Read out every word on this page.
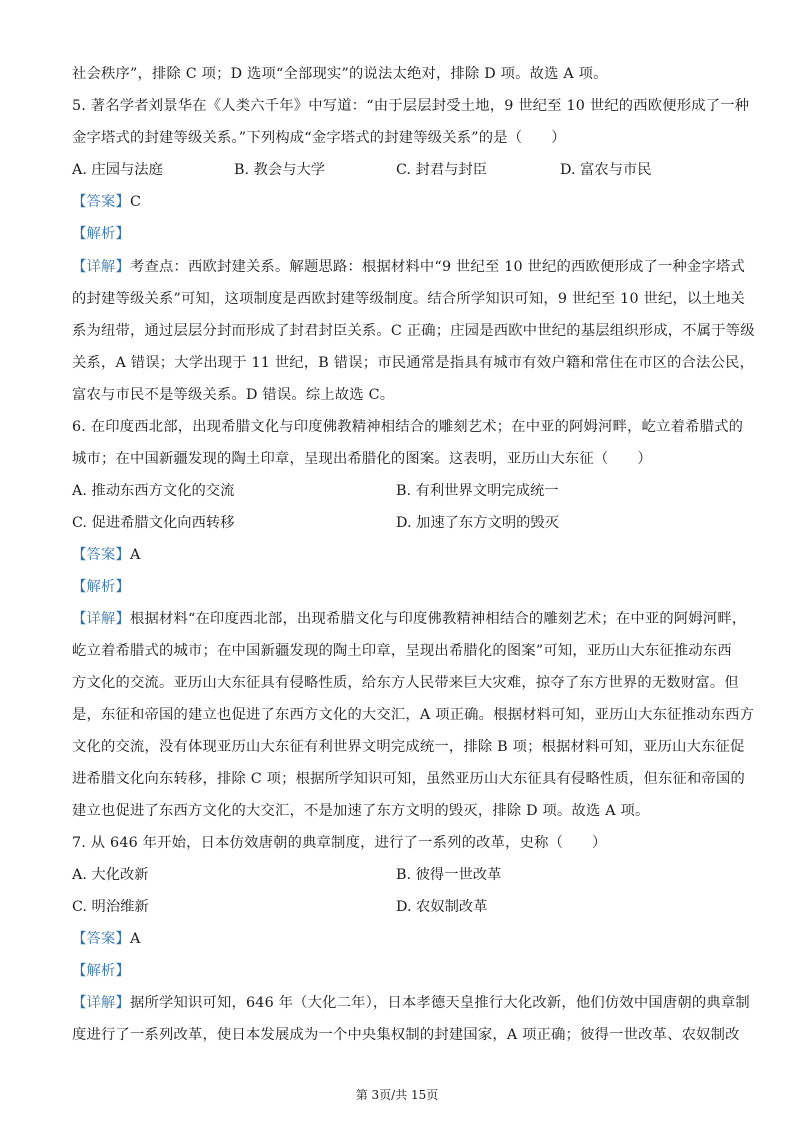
社会秩序”，排除 C 项；D 选项“全部现实”的说法太绝对，排除 D 项。故选 A 项。
5. 著名学者刘景华在《人类六千年》中写道：“由于层层封受土地，9 世纪至 10 世纪的西欧便形成了一种
金字塔式的封建等级关系。”下列构成“金字塔式的封建等级关系”的是（　　）
A. 庄园与法庭	B. 教会与大学	C. 封君与封臣	D. 富农与市民
【答案】C
【解析】
【详解】考查点：西欧封建关系。解题思路：根据材料中“9 世纪至 10 世纪的西欧便形成了一种金字塔式
的封建等级关系”可知，这项制度是西欧封建等级制度。结合所学知识可知，9 世纪至 10 世纪，以土地关
系为纽带，通过层层分封而形成了封君封臣关系。C 正确；庄园是西欧中世纪的基层组织形成，不属于等级
关系，A 错误；大学出现于 11 世纪，B 错误；市民通常是指具有城市有效户籍和常住在市区的合法公民，
富农与市民不是等级关系。D 错误。综上故选 C。
6. 在印度西北部，出现希腊文化与印度佛教精神相结合的雕刻艺术；在中亚的阿姆河畔，屹立着希腊式的
城市；在中国新疆发现的陶土印章，呈现出希腊化的图案。这表明，亚历山大东征（　　）
A. 推动东西方文化的交流	B. 有利世界文明完成统一
C. 促进希腊文化向西转移	D. 加速了东方文明的毁灭
【答案】A
【解析】
【详解】根据材料“在印度西北部，出现希腊文化与印度佛教精神相结合的雕刻艺术；在中亚的阿姆河畔，
屹立着希腊式的城市；在中国新疆发现的陶土印章，呈现出希腊化的图案”可知，亚历山大东征推动东西
方文化的交流。亚历山大东征具有侵略性质，给东方人民带来巨大灾难，掠夺了东方世界的无数财富。但
是，东征和帝国的建立也促进了东西方文化的大交汇，A 项正确。根据材料可知，亚历山大东征推动东西方
文化的交流，没有体现亚历山大东征有利世界文明完成统一，排除 B 项；根据材料可知，亚历山大东征促
进希腊文化向东转移，排除 C 项；根据所学知识可知，虽然亚历山大东征具有侵略性质，但东征和帝国的
建立也促进了东西方文化的大交汇，不是加速了东方文明的毁灭，排除 D 项。故选 A 项。
7. 从 646 年开始，日本仿效唐朝的典章制度，进行了一系列的改革，史称（　　）
A. 大化改新	B. 彼得一世改革
C. 明治维新	D. 农奴制改革
【答案】A
【解析】
【详解】据所学知识可知，646 年（大化二年），日本孝德天皇推行大化改新，他们仿效中国唐朝的典章制
度进行了一系列改革，使日本发展成为一个中央集权制的封建国家，A 项正确；彼得一世改革、农奴制改
第 3页/共 15页
